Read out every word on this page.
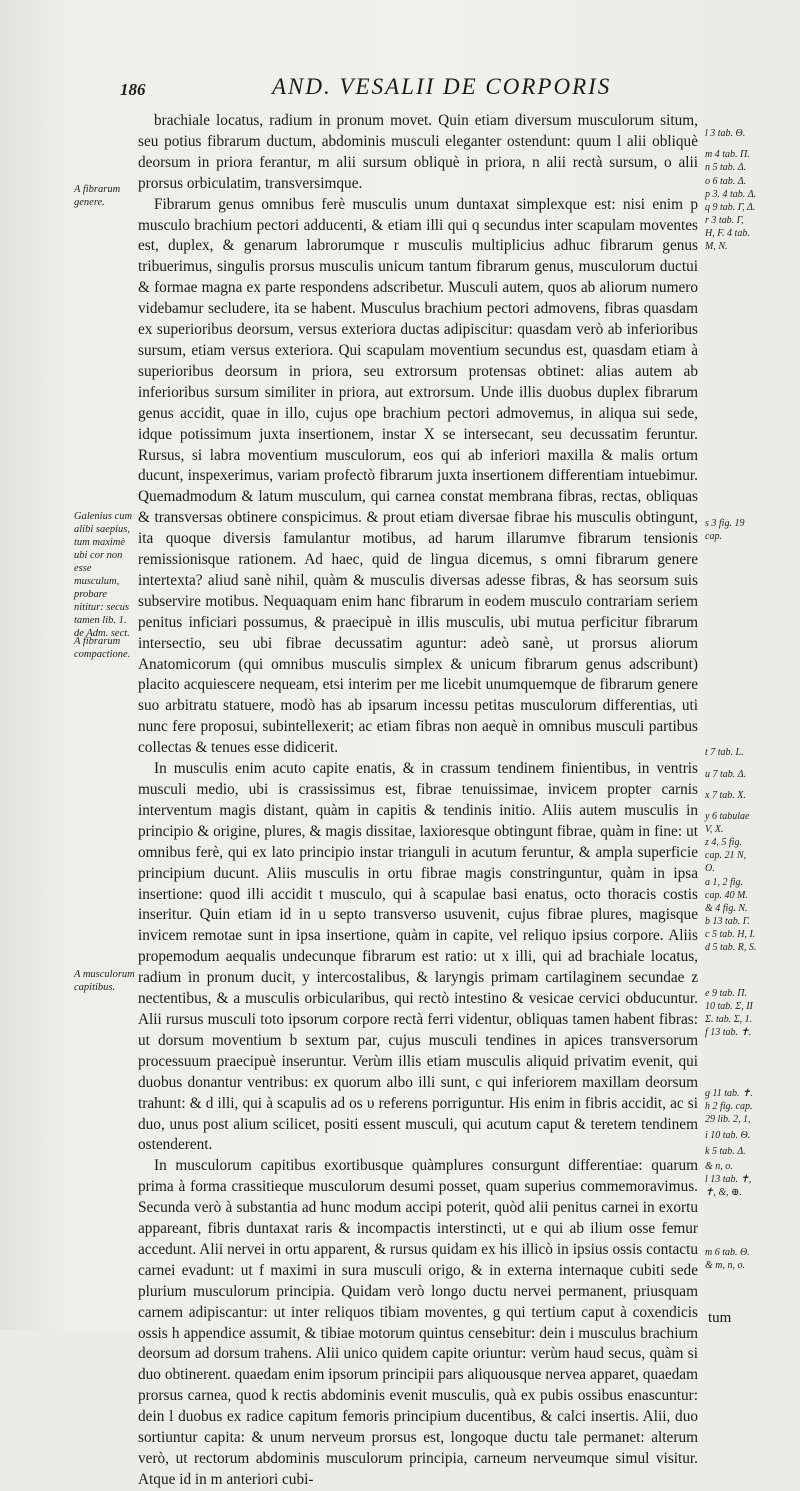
186	AND. VESALII DE CORPORIS

brachiale locatus, radium in pronum movet. Quin etiam diversum musculorum situm, seu potius fibrarum ductum, abdominis musculi eleganter ostendunt: quum l alii obliquè deorsum in priora ferantur, m alii sursum obliquè in priora, n alii rectà sursum, o alii prorsus orbiculatim, transversimque.

Fibrarum genus omnibus ferè musculis unum duntaxat simplexque est: nisi enim p musculo brachium pectori adducenti, & etiam illi qui q secundus inter scapulam moventes est, duplex, & genarum labrorumque r musculis multiplicius adhuc fibrarum genus tribuerimus, singulis prorsus musculis unicum tantum fibrarum genus, musculorum ductui & formae magna ex parte respondens adscribetur. Musculi autem, quos ab aliorum numero videbamur secludere, ita se habent. Musculus brachium pectori admovens, fibras quasdam ex superioribus deorsum, versus exteriora ductas adipiscitur: quasdam verò ab inferioribus sursum, etiam versus exteriora. Qui scapulam moventium secundus est, quasdam etiam à superioribus deorsum in priora, seu extrorsum protensas obtinet: alias autem ab inferioribus sursum similiter in priora, aut extrorsum. Unde illis duobus duplex fibrarum genus accidit, quae in illo, cujus ope brachium pectori admovemus, in aliqua sui sede, idque potissimum juxta insertionem, instar X se intersecant, seu decussatim feruntur. Rursus, si labra moventium musculorum, eos qui ab inferiori maxilla & malis ortum ducunt, inspexerimus, variam profectò fibrarum juxta insertionem differentiam intuebimur. Quemadmodum & latum musculum, qui carnea constat membrana fibras, rectas, obliquas & transversas obtinere conspicimus. & prout etiam diversae fibrae his musculis obtingunt, ita quoque diversis famulantur motibus, ad harum illarumve fibrarum tensionis remissionisque rationem. Ad haec, quid de lingua dicemus, s omni fibrarum genere intertexta? aliud sanè nihil, quàm & musculis diversas adesse fibras, & has seorsum suis subservire motibus. Nequaquam enim hanc fibrarum in eodem musculo contrariam seriem penitus inficiari possumus, & praecipuè in illis musculis, ubi mutua perficitur fibrarum intersectio, seu ubi fibrae decussatim aguntur: adeò sanè, ut prorsus aliorum Anatomicorum (qui omnibus musculis simplex & unicum fibrarum genus adscribunt) placito acquiescere nequeam, etsi interim per me licebit unumquemque de fibrarum genere suo arbitratu statuere, modò has ab ipsarum incessu petitas musculorum differentias, uti nunc fere proposui, subintellexerit; ac etiam fibras non aequè in omnibus musculi partibus collectas & tenues esse didicerit.

In musculis enim acuto capite enatis, & in crassum tendinem finientibus, in ventris musculi medio, ubi is crassissimus est, fibrae tenuissimae, invicem propter carnis interventum magis distant, quàm in capitis & tendinis initio. Aliis autem musculis in principio & origine, plures, & magis dissitae, laxioresque obtingunt fibrae, quàm in fine: ut omnibus ferè, qui ex lato principio instar trianguli in acutum feruntur, & ampla superficie principium ducunt. Aliis musculis in ortu fibrae magis constringuntur, quàm in ipsa insertione: quod illi accidit t musculo, qui à scapulae basi enatus, octo thoracis costis inseritur. Quin etiam id in u septo transverso usuvenit, cujus fibrae plures, magisque invicem remotae sunt in ipsa insertione, quàm in capite, vel reliquo ipsius corpore. Aliis propemodum aequalis undecunque fibrarum est ratio: ut x illi, qui ad brachiale locatus, radium in pronum ducit, y intercostalibus, & laryngis primam cartilaginem secundae z nectentibus, & a musculis orbicularibus, qui rectò intestino & vesicae cervici obducuntur. Alii rursus musculi toto ipsorum corpore rectà ferri videntur, obliquas tamen habent fibras: ut dorsum moventium b sextum par, cujus musculi tendines in apices transversorum processuum praecipuè inseruntur. Verùm illis etiam musculis aliquid privatim evenit, qui duobus donantur ventribus: ex quorum albo illi sunt, c qui inferiorem maxillam deorsum trahunt: & d illi, qui à scapulis ad os υ referens porriguntur. His enim in fibris accidit, ac si duo, unus post alium scilicet, positi essent musculi, qui acutum caput & teretem tendinem ostenderent.

In musculorum capitibus exortibusque quàmplures consurgunt differentiae: quarum prima à forma crassitieque musculorum desumi posset, quam superius commemoravimus. Secunda verò à substantia ad hunc modum accipi poterit, quòd alii penitus carnei in exortu appareant, fibris duntaxat raris & incompactis interstincti, ut e qui ab ilium osse femur accedunt. Alii nervei in ortu apparent, & rursus quidam ex his illicò in ipsius ossis contactu carnei evadunt: ut f maximi in sura musculi origo, & in externa internaque cubiti sede plurium musculorum principia. Quidam verò longo ductu nervei permanent, priusquam carnem adipiscantur: ut inter reliquos tibiam moventes, g qui tertium caput à coxendicis ossis h appendice assumit, & tibiae motorum quintus censebitur: dein i musculus brachium deorsum ad dorsum trahens. Alii unico quidem capite oriuntur: verùm haud secus, quàm si duo obtinerent. quaedam enim ipsorum principii pars aliquousque nervea apparet, quaedam prorsus carnea, quod k rectis abdominis evenit musculis, quà ex pubis ossibus enascuntur: dein l duobus ex radice capitum femoris principium ducentibus, & calci insertis. Alii, duo sortiuntur capita: & unum nerveum prorsus est, longoque ductu tale permanet: alterum verò, ut rectorum abdominis musculorum principia, carneum nerveumque simul visitur. Atque id in m anteriori cubi-

A fibrarum genere.
Galenius cum alibi saepius, tum maximè ubi cor non esse musculum, probare nititur: secus tamen lib. 1. de Adm. sect.
A fibrarum compactione.
A musculorum capitibus.
l 3 tab. Θ.
m 4 tab. Π.
n 5 tab. Δ.
o 6 tab. Δ.
p 3. 4 tab. Δ.
q 9 tab. Γ, Δ.
r 3 tab. Γ,
H, F. 4 tab.
M, N.
s 3 fig. 19
cap.
t 7 tab. L.
u 7 tab. Δ.
x 7 tab. X.
y 6 tabulae
V, X.
z 4, 5 fig.
cap. 21 N,
O.
a 1, 2 fig.
cap. 40 M.
& 4 fig. N.
b 13 tab. Γ.
c 5 tab. H, I.
d 5 tab. R, S.
e 9 tab. Π.
10 tab. Σ, II
Σ. tab. Σ, 1.
f 13 tab. ✝.
g 11 tab. ✝.
h 2 fig. cap.
29 lib. 2, 1,
i 10 tab. Θ.
k 5 tab. Δ.
& n, o.
l 13 tab. ✝,
✝, &, ⊕.
m 6 tab. Θ.
& m, n, o.
tum
